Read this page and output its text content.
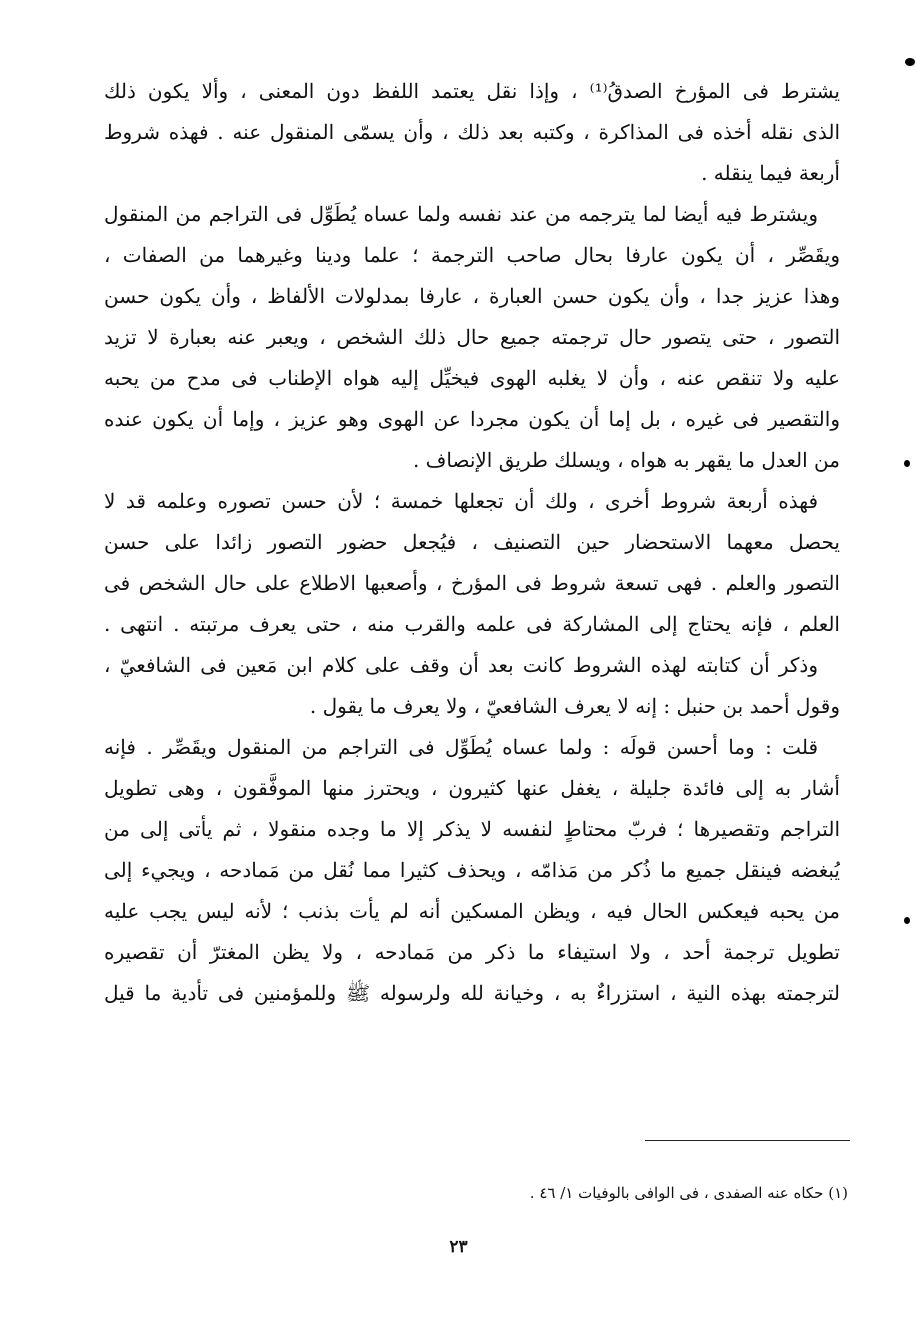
يشترط فى المؤرخ الصدقُ⁽¹⁾ ، وإذا نقل يعتمد اللفظ دون المعنى ، وألا يكون ذلك
الذى نقله أخذه فى المذاكرة ، وكتبه بعد ذلك ، وأن يسمّى المنقول عنه . فهذه شروط
أربعة فيما ينقله .
ويشترط فيه أيضا لما يترجمه من عند نفسه ولما عساه يُطَوِّل فى التراجم من المنقول
ويقَصِّر ، أن يكون عارفا بحال صاحب الترجمة ؛ علما ودينا وغيرهما من الصفات ،
وهذا عزيز جدا ، وأن يكون حسن العبارة ، عارفا بمدلولات الألفاظ ، وأن يكون حسن
التصور ، حتى يتصور حال ترجمته جميع حال ذلك الشخص ، ويعبر عنه بعبارة لا تزيد
عليه ولا تنقص عنه ، وأن لا يغلبه الهوى فيخيِّل إليه هواه الإطناب فى مدح من يحبه
والتقصير فى غيره ، بل إما أن يكون مجردا عن الهوى وهو عزيز ، وإما أن يكون عنده
من العدل ما يقهر به هواه ، ويسلك طريق الإنصاف .
فهذه أربعة شروط أخرى ، ولك أن تجعلها خمسة ؛ لأن حسن تصوره وعلمه قد لا
يحصل معهما الاستحضار حين التصنيف ، فيُجعل حضور التصور زائدا على حسن
التصور والعلم . فهى تسعة شروط فى المؤرخ ، وأصعبها الاطلاع على حال الشخص فى
العلم ، فإنه يحتاج إلى المشاركة فى علمه والقرب منه ، حتى يعرف مرتبته . انتهى .
وذكر أن كتابته لهذه الشروط كانت بعد أن وقف على كلام ابن مَعين فى الشافعيّ ،
وقول أحمد بن حنبل : إنه لا يعرف الشافعيّ ، ولا يعرف ما يقول .
قلت : وما أحسن قولَه : ولما عساه يُطَوِّل فى التراجم من المنقول ويقَصِّر . فإنه
أشار به إلى فائدة جليلة ، يغفل عنها كثيرون ، ويحترز منها الموفَّقون ، وهى تطويل
التراجم وتقصيرها ؛ فربّ محتاطٍ لنفسه لا يذكر إلا ما وجده منقولا ، ثم يأتى إلى من
يُبغضه فينقل جميع ما ذُكر من مَذامّه ، ويحذف كثيرا مما نُقل من مَمادحه ، ويجيء إلى
من يحبه فيعكس الحال فيه ، ويظن المسكين أنه لم يأت بذنب ؛ لأنه ليس يجب عليه
تطويل ترجمة أحد ، ولا استيفاء ما ذكر من مَمادحه ، ولا يظن المغترّ أن تقصيره
لترجمته بهذه النية ، استزراءٌ به ، وخيانة لله ولرسوله ﷺ وللمؤمنين فى تأدية ما قيل
(١) حكاه عنه الصفدى ، فى الوافى بالوفيات ١/ ٤٦ .
٢٣
